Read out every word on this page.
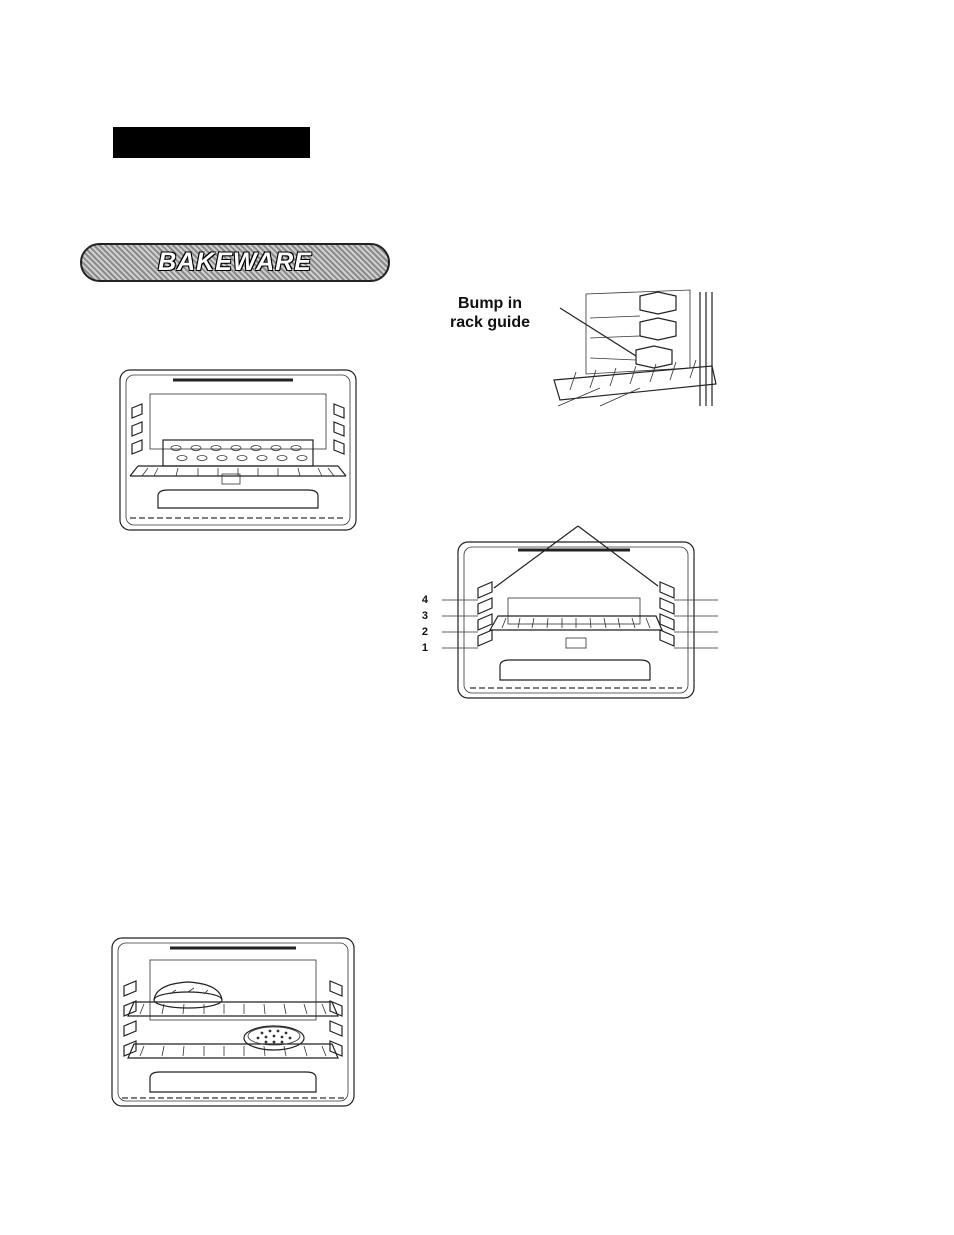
BAKEWARE
Bump in
rack guide
4
3
2
1
